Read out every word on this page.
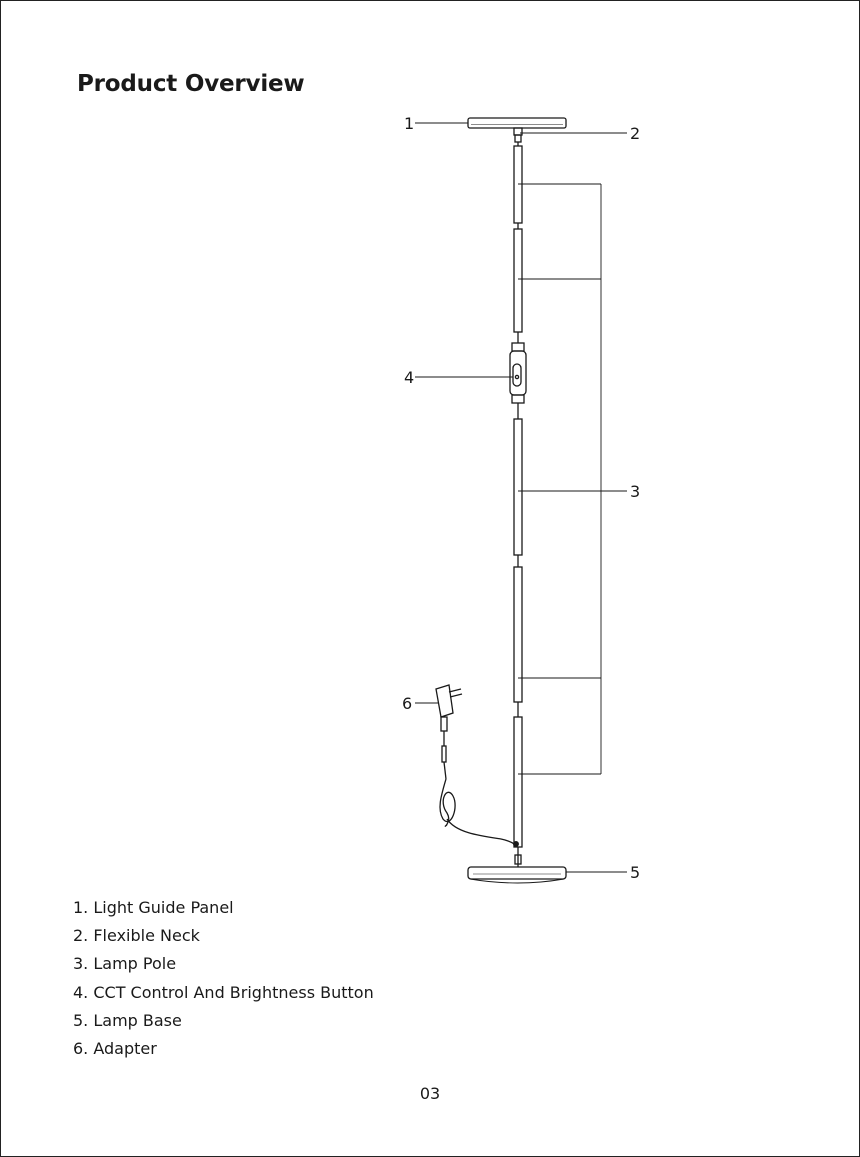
Product Overview
1
2
3
4
5
6
1. Light Guide Panel
2. Flexible Neck
3. Lamp Pole
4. CCT Control And Brightness Button
5. Lamp Base
6. Adapter
03
